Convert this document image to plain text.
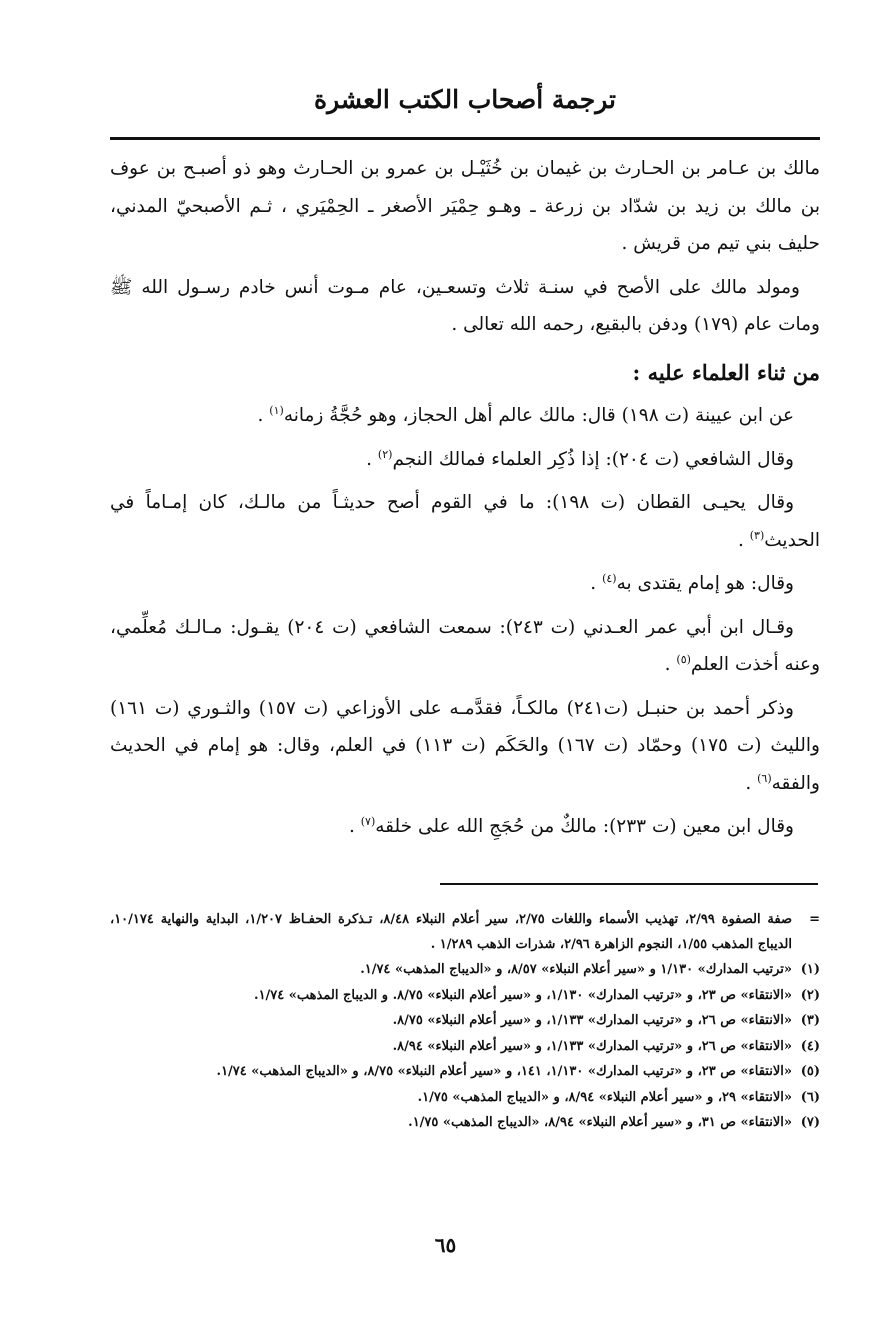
ترجمة أصحاب الكتب العشرة

مالك بن عـامر بن الحـارث بن غيمان بن خُثَيْـل بن عمرو بن الحـارث وهو ذو أصبـح بن عوف بن مالك بن زيد بن شدّاد بن زرعة ـ وهـو حِمْيَر الأصغر ـ الحِمْيَري ، ثـم الأصبحيّ المدني، حليف بني تيم من قريش .

ومولد مالك على الأصح في سنـة ثلاث وتسعـين، عام مـوت أنس خادم رسـول الله ﷺ ومات عام (١٧٩) ودفن بالبقيع، رحمه الله تعالى .

من ثناء العلماء عليه :

عن ابن عيينة (ت ١٩٨) قال: مالك عالم أهل الحجاز، وهو حُجَّةُ زمانه$^{(١)}$ .

وقال الشافعي (ت ٢٠٤): إذا ذُكِر العلماء فمالك النجم$^{(٢)}$ .

وقال يحيـى القطان (ت ١٩٨): ما في القوم أصح حديثـاً من مالـك، كان إمـاماً في الحديث$^{(٣)}$ .

وقال: هو إمام يقتدى به$^{(٤)}$ .

وقـال ابن أبي عمر العـدني (ت ٢٤٣): سمعت الشافعي (ت ٢٠٤) يقـول: مـالـك مُعلِّمي، وعنه أخذت العلم$^{(٥)}$ .

وذكر أحمد بن حنبـل (ت٢٤١) مالكـاً، فقدَّمـه على الأوزاعي (ت ١٥٧) والثـوري (ت ١٦١) والليث (ت ١٧٥) وحمّاد (ت ١٦٧) والحَكَم (ت ١١٣) في العلم، وقال: هو إمام في الحديث والفقه$^{(٦)}$ .

وقال ابن معين (ت ٢٣٣): مالكٌ من حُجَجِ الله على خلقه$^{(٧)}$ .

=
صفة الصفوة ٢/٩٩، تهذيب الأسماء واللغات ٢/٧٥، سير أعلام النبلاء ٨/٤٨، تـذكرة الحفـاظ ١/٢٠٧، البداية والنهاية ١٠/١٧٤، الديباج المذهب ١/٥٥، النجوم الزاهرة ٢/٩٦، شذرات الذهب ١/٢٨٩ .
(١)
«ترتيب المدارك» ١/١٣٠ و «سير أعلام النبلاء» ٨/٥٧، و «الديباج المذهب» ١/٧٤.
(٢)
«الانتقاء» ص ٢٣، و «ترتيب المدارك» ١/١٣٠، و «سير أعلام النبلاء» ٨/٧٥. و الديباج المذهب» ١/٧٤.
(٣)
«الانتقاء» ص ٢٦، و «ترتيب المدارك» ١/١٣٣، و «سير أعلام النبلاء» ٨/٧٥.
(٤)
«الانتقاء» ص ٢٦، و «ترتيب المدارك» ١/١٣٣، و «سير أعلام النبلاء» ٨/٩٤.
(٥)
«الانتقاء» ص ٢٣، و «ترتيب المدارك» ١/١٣٠، ١٤١، و «سير أعلام النبلاء» ٨/٧٥، و «الديباج المذهب» ١/٧٤.
(٦)
«الانتقاء» ٢٩، و «سير أعلام النبلاء» ٨/٩٤، و «الديباج المذهب» ١/٧٥.
(٧)
«الانتقاء» ص ٣١، و «سير أعلام النبلاء» ٨/٩٤، «الديباج المذهب» ١/٧٥.
٦٥
